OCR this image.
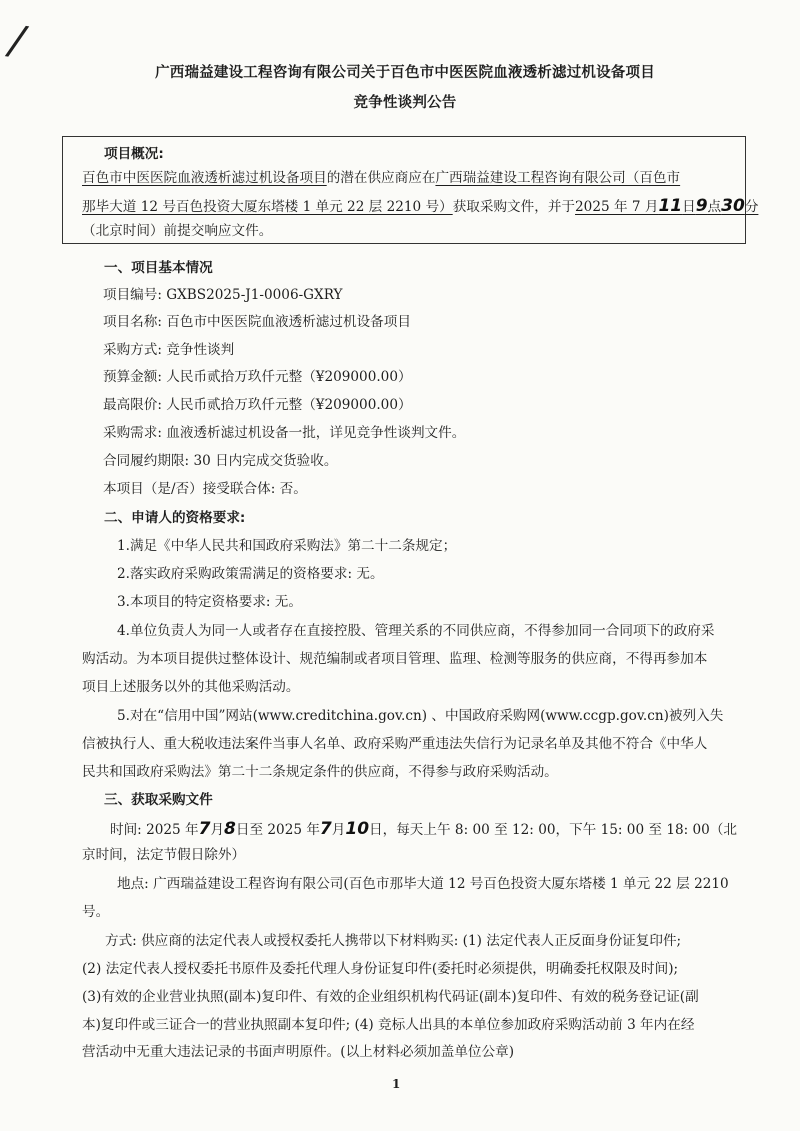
/
广西瑞益建设工程咨询有限公司关于百色市中医医院血液透析滤过机设备项目
竞争性谈判公告
项目概况:
百色市中医医院血液透析滤过机设备项目的潜在供应商应在广西瑞益建设工程咨询有限公司（百色市
那毕大道 12 号百色投资大厦东塔楼 1 单元 22 层 2210 号）获取采购文件，并于2025 年 7 月11日9点30分
（北京时间）前提交响应文件。
一、项目基本情况
项目编号: GXBS2025-J1-0006-GXRY
项目名称: 百色市中医医院血液透析滤过机设备项目
采购方式: 竞争性谈判
预算金额: 人民币贰拾万玖仟元整（¥209000.00）
最高限价: 人民币贰拾万玖仟元整（¥209000.00）
采购需求: 血液透析滤过机设备一批，详见竞争性谈判文件。
合同履约期限: 30 日内完成交货验收。
本项目（是/否）接受联合体: 否。
二、申请人的资格要求:
1.满足《中华人民共和国政府采购法》第二十二条规定；
2.落实政府采购政策需满足的资格要求: 无。
3.本项目的特定资格要求: 无。
4.单位负责人为同一人或者存在直接控股、管理关系的不同供应商，不得参加同一合同项下的政府采
购活动。为本项目提供过整体设计、规范编制或者项目管理、监理、检测等服务的供应商，不得再参加本
项目上述服务以外的其他采购活动。
5.对在“信用中国”网站(www.creditchina.gov.cn) 、中国政府采购网(www.ccgp.gov.cn)被列入失
信被执行人、重大税收违法案件当事人名单、政府采购严重违法失信行为记录名单及其他不符合《中华人
民共和国政府采购法》第二十二条规定条件的供应商，不得参与政府采购活动。
三、获取采购文件
时间: 2025 年7月8日至 2025 年7月10日，每天上午 8: 00 至 12: 00，下午 15: 00 至 18: 00（北
京时间，法定节假日除外）
地点: 广西瑞益建设工程咨询有限公司(百色市那毕大道 12 号百色投资大厦东塔楼 1 单元 22 层 2210
号。
方式: 供应商的法定代表人或授权委托人携带以下材料购买: (1) 法定代表人正反面身份证复印件;
(2) 法定代表人授权委托书原件及委托代理人身份证复印件(委托时必须提供，明确委托权限及时间);
(3)有效的企业营业执照(副本)复印件、有效的企业组织机构代码证(副本)复印件、有效的税务登记证(副
本)复印件或三证合一的营业执照副本复印件; (4) 竞标人出具的本单位参加政府采购活动前 3 年内在经
营活动中无重大违法记录的书面声明原件。(以上材料必须加盖单位公章)
1
